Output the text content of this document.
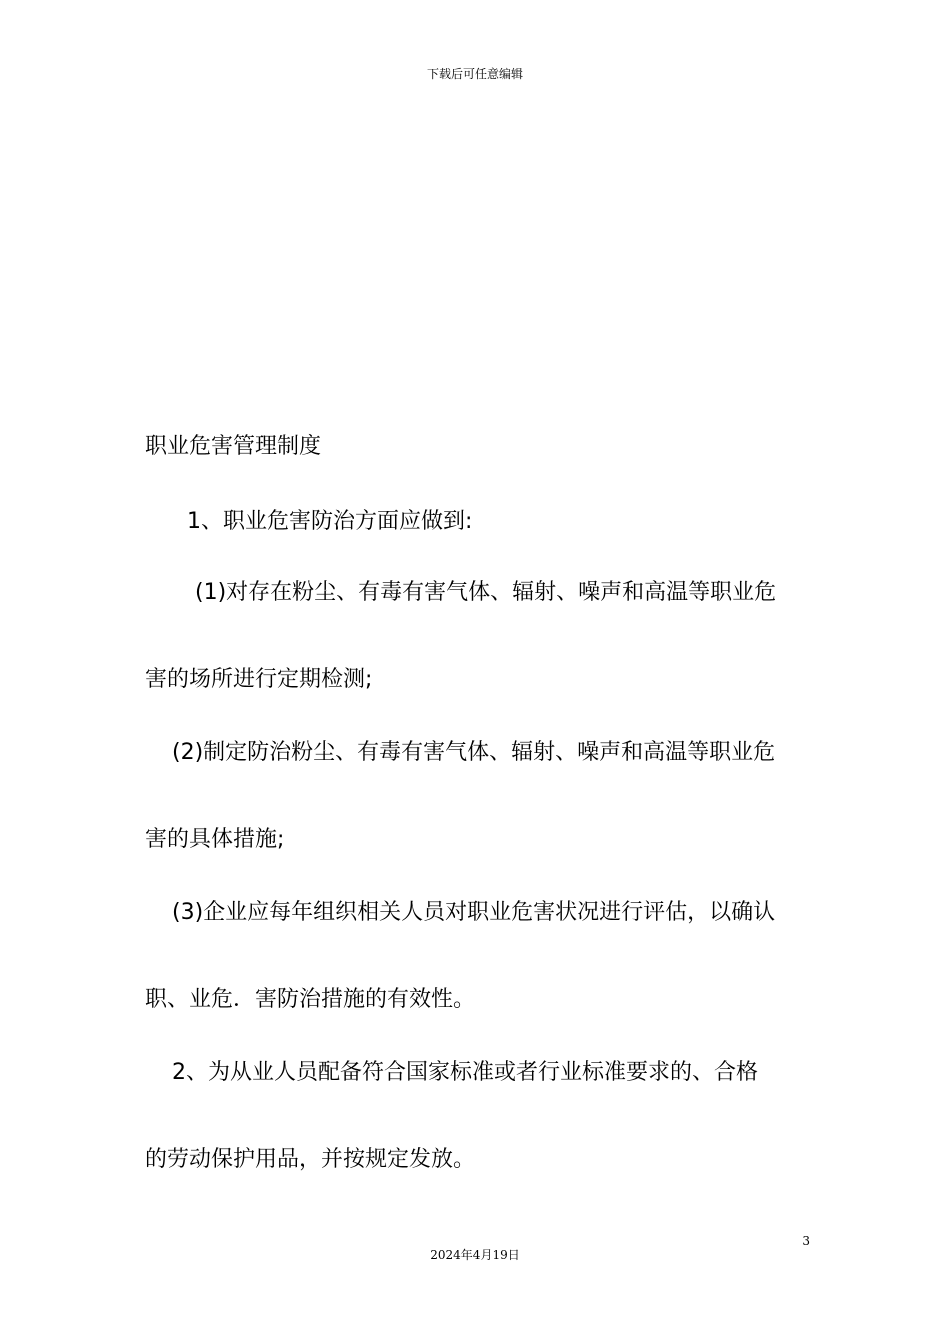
下载后可任意编辑
职业危害管理制度
1、职业危害防治方面应做到:
(1)对存在粉尘、有毒有害气体、辐射、噪声和高温等职业危
害的场所进行定期检测;
(2)制定防治粉尘、有毒有害气体、辐射、噪声和高温等职业危
害的具体措施;
(3)企业应每年组织相关人员对职业危害状况进行评估，以确认
职、业危．害防治措施的有效性。
2、为从业人员配备符合国家标准或者行业标准要求的、合格
的劳动保护用品，并按规定发放。
3
2024年4月19日
